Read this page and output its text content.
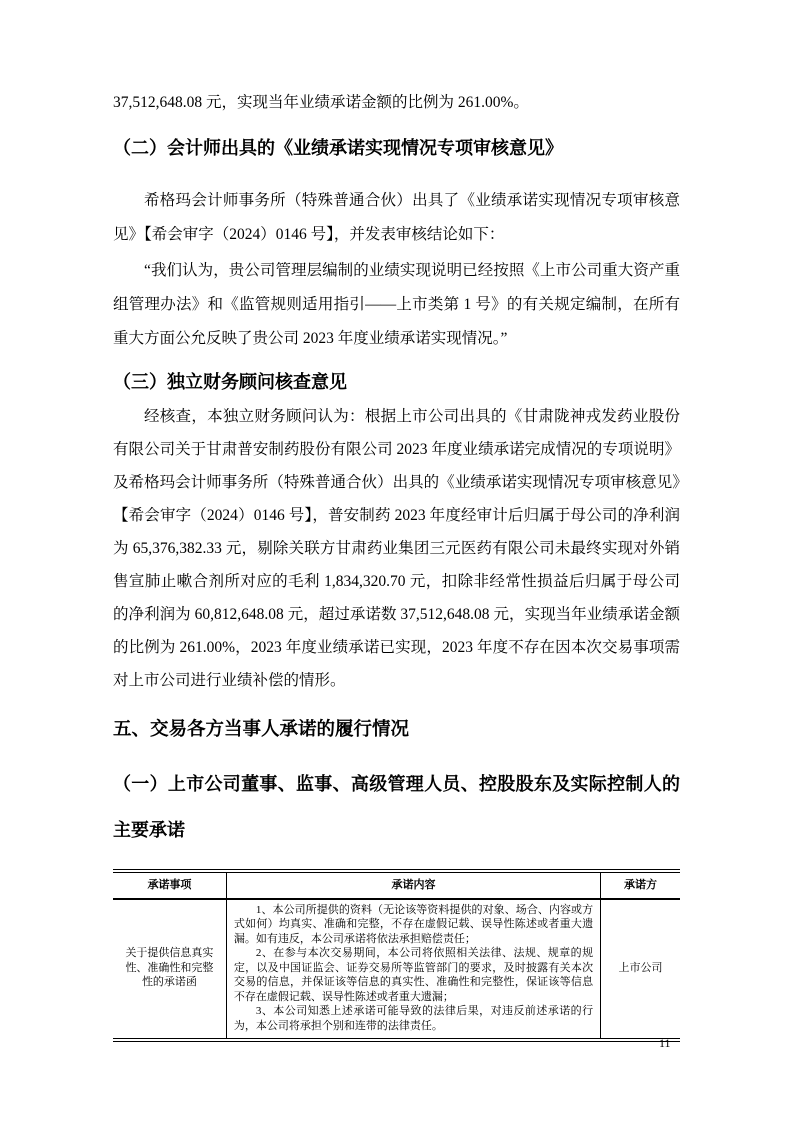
37,512,648.08 元，实现当年业绩承诺金额的比例为 261.00%。

（二）会计师出具的《业绩承诺实现情况专项审核意见》

希格玛会计师事务所（特殊普通合伙）出具了《业绩承诺实现情况专项审核意见》【希会审字（2024）0146 号】，并发表审核结论如下：

“我们认为，贵公司管理层编制的业绩实现说明已经按照《上市公司重大资产重组管理办法》和《监管规则适用指引——上市类第 1 号》的有关规定编制，在所有重大方面公允反映了贵公司 2023 年度业绩承诺实现情况。”

（三）独立财务顾问核查意见

经核查，本独立财务顾问认为：根据上市公司出具的《甘肃陇神戎发药业股份有限公司关于甘肃普安制药股份有限公司 2023 年度业绩承诺完成情况的专项说明》及希格玛会计师事务所（特殊普通合伙）出具的《业绩承诺实现情况专项审核意见》【希会审字（2024）0146 号】，普安制药 2023 年度经审计后归属于母公司的净利润为 65,376,382.33 元，剔除关联方甘肃药业集团三元医药有限公司未最终实现对外销售宣肺止嗽合剂所对应的毛利 1,834,320.70 元，扣除非经常性损益后归属于母公司的净利润为 60,812,648.08 元，超过承诺数 37,512,648.08 元，实现当年业绩承诺金额的比例为 261.00%，2023 年度业绩承诺已实现，2023 年度不存在因本次交易事项需对上市公司进行业绩补偿的情形。

五、交易各方当事人承诺的履行情况
（一）上市公司董事、监事、高级管理人员、控股股东及实际控制人的主要承诺
承诺事项	承诺内容	承诺方
关于提供信息真实性、准确性和完整性的承诺函	1、本公司所提供的资料（无论该等资料提供的对象、场合、内容或方式如何）均真实、准确和完整，不存在虚假记载、误导性陈述或者重大遗漏。如有违反，本公司承诺将依法承担赔偿责任；

2、在参与本次交易期间，本公司将依照相关法律、法规、规章的规定，以及中国证监会、证券交易所等监管部门的要求，及时披露有关本次交易的信息，并保证该等信息的真实性、准确性和完整性，保证该等信息不存在虚假记载、误导性陈述或者重大遗漏；

3、本公司知悉上述承诺可能导致的法律后果，对违反前述承诺的行为，本公司将承担个别和连带的法律责任。	上市公司
11
